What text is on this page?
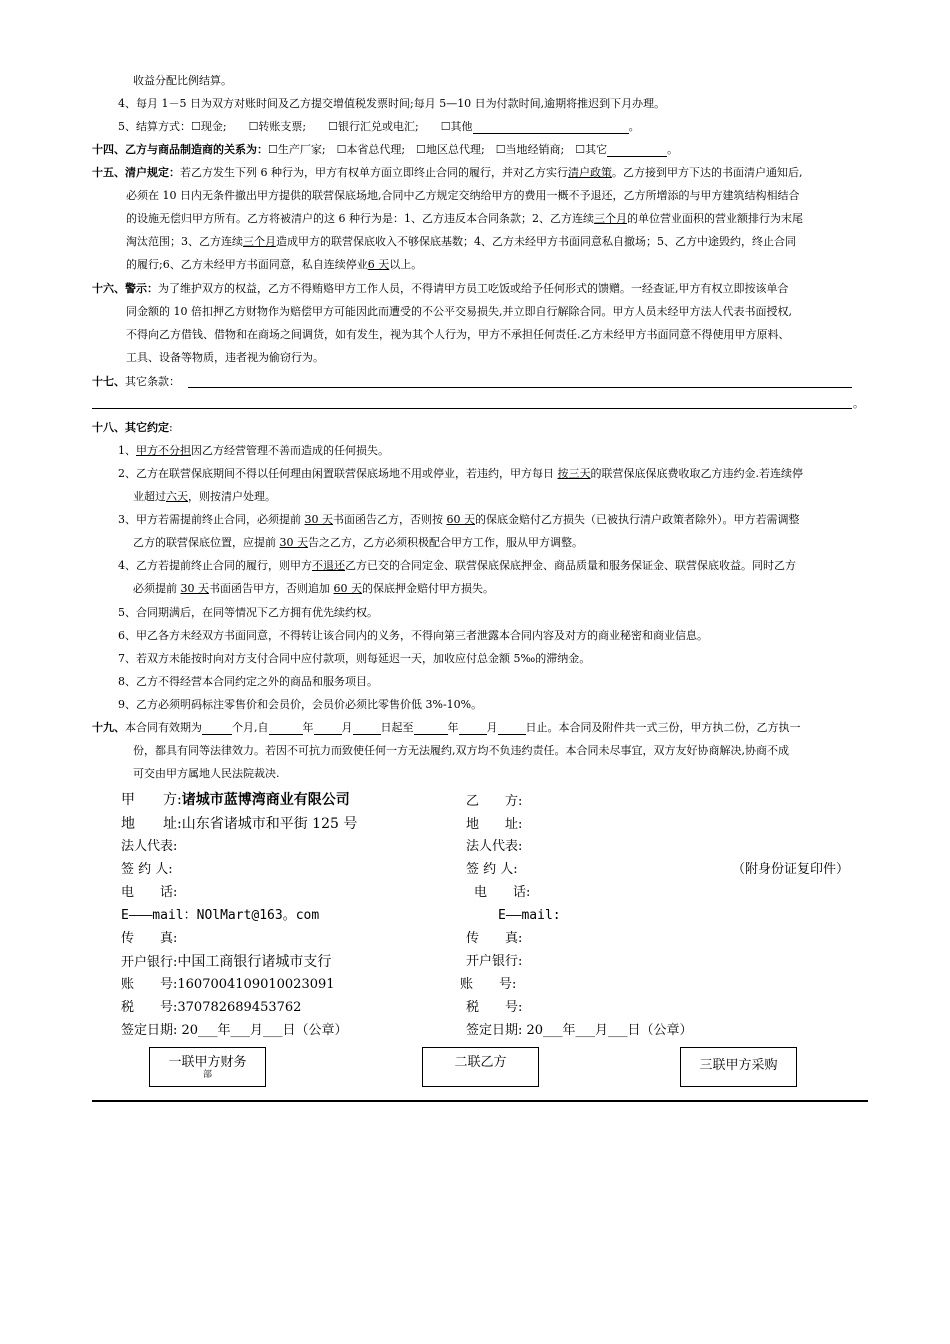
收益分配比例结算。
4、每月 1－5 日为双方对账时间及乙方提交增值税发票时间;每月 5—10 日为付款时间,逾期将推迟到下月办理。
5、结算方式：☐现金;　　☐转账支票;　　☐银行汇兑或电汇;　　☐其他	。
十四、乙方与商品制造商的关系为：☐生产厂家;　☐本省总代理;　☐地区总代理;　☐当地经销商;　☐其它	。
十五、清户规定：若乙方发生下列 6 种行为，甲方有权单方面立即终止合同的履行，并对乙方实行清户政策。乙方接到甲方下达的书面清户通知后,
必须在 10 日内无条件撤出甲方提供的联营保底场地,合同中乙方规定交纳给甲方的费用一概不予退还，乙方所增添的与甲方建筑结构相结合
的设施无偿归甲方所有。乙方将被清户的这 6 种行为是：1、乙方违反本合同条款；2、乙方连续三个月的单位营业面积的营业额排行为末尾
淘汰范围；3、乙方连续三个月造成甲方的联营保底收入不够保底基数；4、乙方未经甲方书面同意私自撤场；5、乙方中途毁约，终止合同
的履行;6、乙方未经甲方书面同意，私自连续停业6 天以上。
十六、警示：为了维护双方的权益，乙方不得贿赂甲方工作人员，不得请甲方员工吃饭或给予任何形式的馈赠。一经查证,甲方有权立即按该单合
同金额的 10 倍扣押乙方财物作为赔偿甲方可能因此而遭受的不公平交易损失,并立即自行解除合同。甲方人员未经甲方法人代表书面授权,
不得向乙方借钱、借物和在商场之间调货，如有发生，视为其个人行为，甲方不承担任何责任.乙方未经甲方书面同意不得使用甲方原料、
工具、设备等物质，违者视为偷窃行为。
十七、其它条款：
。
十八、其它约定:
1、甲方不分担因乙方经营管理不善而造成的任何损失。
2、乙方在联营保底期间不得以任何理由闲置联营保底场地不用或停业，若违约，甲方每日 按三天的联营保底保底费收取乙方违约金.若连续停
业超过六天，则按清户处理。
3、甲方若需提前终止合同，必须提前 30 天书面函告乙方，否则按 60 天的保底金赔付乙方损失（已被执行清户政策者除外）。甲方若需调整
乙方的联营保底位置，应提前 30 天告之乙方，乙方必须积极配合甲方工作，服从甲方调整。
4、乙方若提前终止合同的履行，则甲方不退还乙方已交的合同定金、联营保底保底押金、商品质量和服务保证金、联营保底收益。同时乙方
必须提前 30 天书面函告甲方，否则追加 60 天的保底押金赔付甲方损失。
5、合同期满后，在同等情况下乙方拥有优先续约权。
6、甲乙各方未经双方书面同意，不得转让该合同内的义务，不得向第三者泄露本合同内容及对方的商业秘密和商业信息。
7、若双方未能按时向对方支付合同中应付款项，则每延迟一天，加收应付总金额 5‰的滞纳金。
8、乙方不得经营本合同约定之外的商品和服务项目。
9、乙方必须明码标注零售价和会员价，会员价必须比零售价低 3%-10%。
十九、本合同有效期为	个月,自	年	月	日起至	年	月	日止。本合同及附件共一式三份，甲方执二份，乙方执一
份，都具有同等法律效力。若因不可抗力而致使任何一方无法履约,双方均不负违约责任。本合同未尽事宜，双方友好协商解决,协商不成
可交由甲方属地人民法院裁决.
甲　　方:诸城市蓝博湾商业有限公司
地　　址:山东省诸城市和平街 125 号
法人代表:
签 约 人:
电　　话:
E———mail：NOlMart@163。com
传　　真:
开户银行:中国工商银行诸城市支行
账　　号:1607004109010023091
税　　号:370782689453762
签定日期: 20___年___月___日（公章）
乙　　方:
地　　址:
法人代表:
签 约 人:	（附身份证复印件）
电　　话:
E——mail:
传　　真:
开户银行:
账　　号:
税　　号:
签定日期: 20___年___月___日（公章）
一联甲方财务
部
二联乙方	三联甲方采购
